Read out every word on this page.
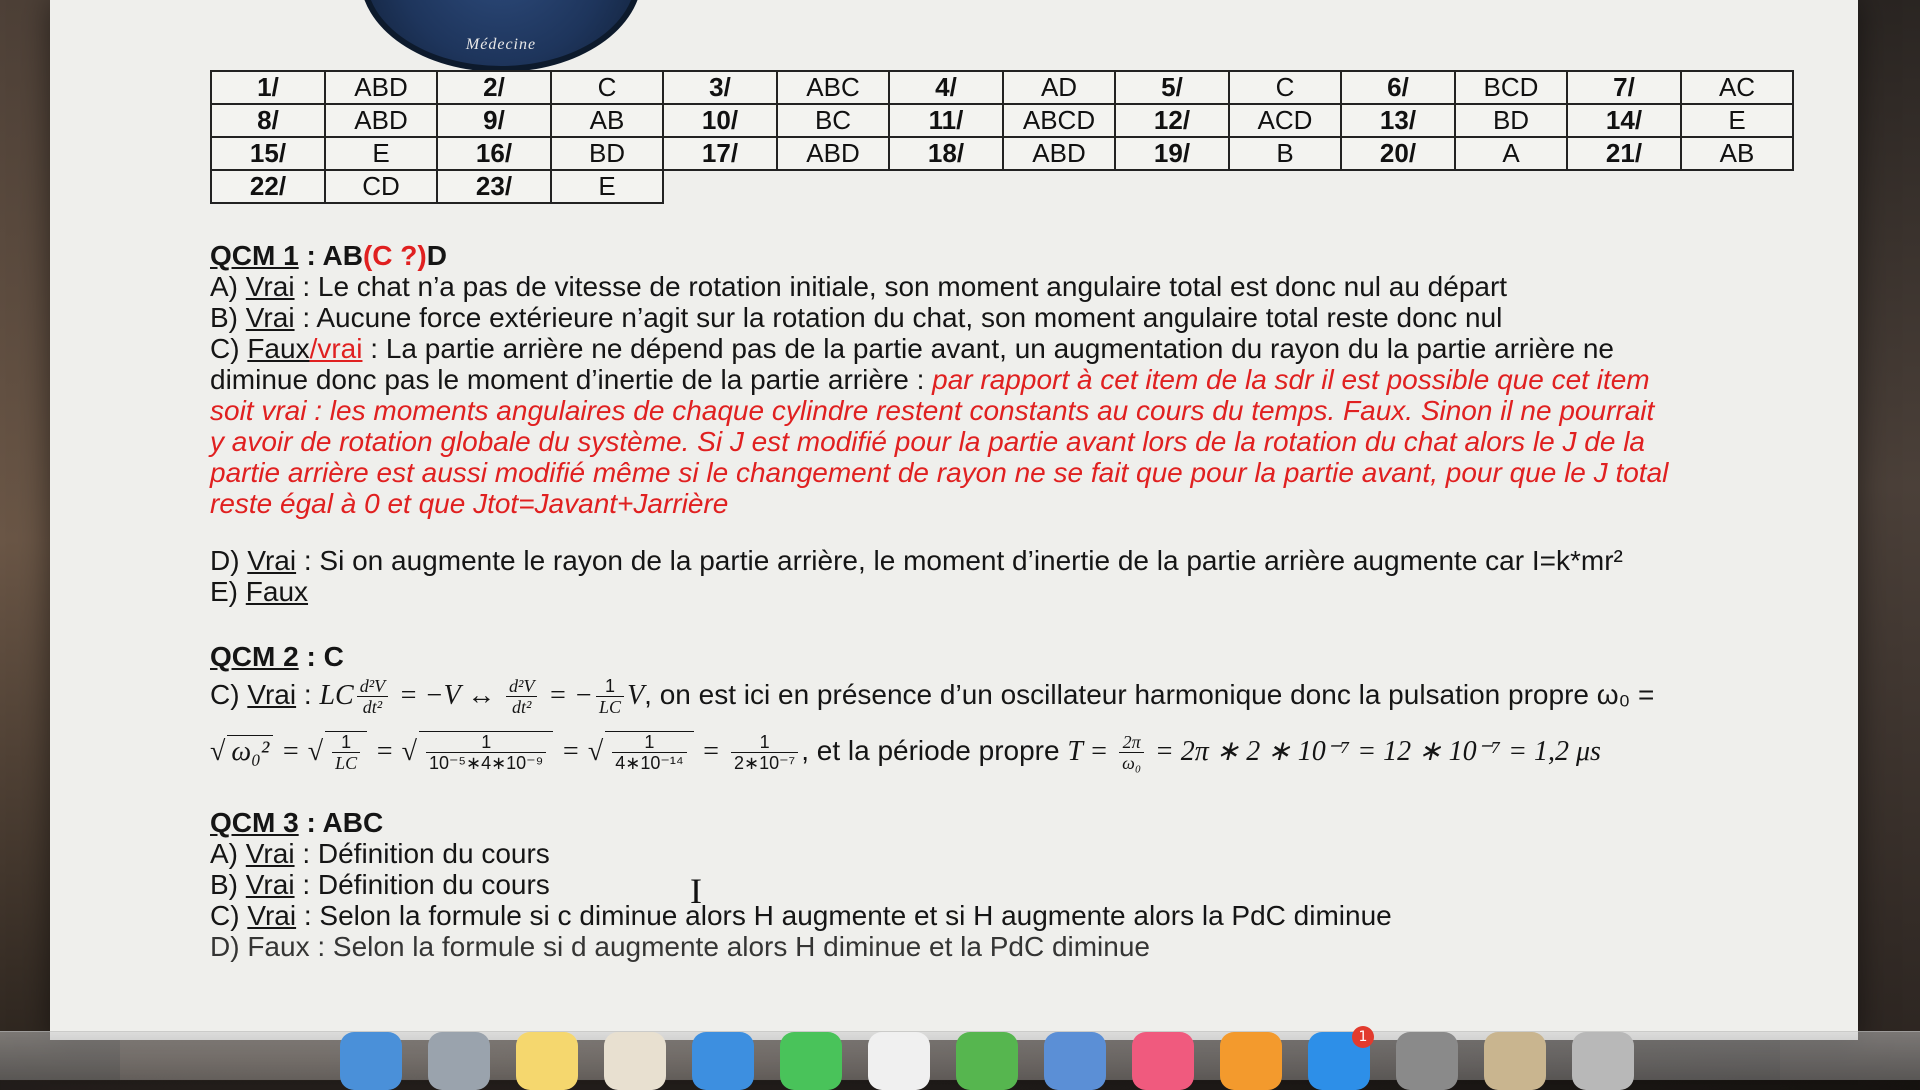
Médecine
1/	ABD	2/	C	3/	ABC	4/	AD	5/	C	6/	BCD	7/	AC
8/	ABD	9/	AB	10/	BC	11/	ABCD	12/	ACD	13/	BD	14/	E
15/	E	16/	BD	17/	ABD	18/	ABD	19/	B	20/	A	21/	AB
22/	CD	23/	E										
QCM 1 : AB(C ?)D
A) Vrai : Le chat n’a pas de vitesse de rotation initiale, son moment angulaire total est donc nul au départ
B) Vrai : Aucune force extérieure n’agit sur la rotation du chat, son moment angulaire total reste donc nul
C) Faux/vrai : La partie arrière ne dépend pas de la partie avant, un augmentation du rayon du la partie arrière ne
diminue donc pas le moment d’inertie de la partie arrière : par rapport à cet item de la sdr il est possible que cet item
soit vrai : les moments angulaires de chaque cylindre restent constants au cours du temps. Faux. Sinon il ne pourrait
y avoir de rotation globale du système. Si J est modifié pour la partie avant lors de la rotation du chat alors le J de la
partie arrière est aussi modifié même si le changement de rayon ne se fait que pour la partie avant, pour que le J total
reste égal à 0 et que Jtot=Javant+Jarrière
D) Vrai : Si on augmente le rayon de la partie arrière, le moment d’inertie de la partie arrière augmente car I=k*mr²
E) Faux
QCM 2 : C
C) Vrai : LC $\frac{\text{d²V}}{\text{dt²}} = -V$ ↔ $\frac{\text{d²V}}{\text{dt²}}$ = − $\frac{1}{LC} V$, on est ici en présence d’un oscillateur harmonique donc la pulsation propre ω₀ =
√ ω₀² = √ $\frac{1}{LC}$ = √ $\frac{1}{\text{10⁻⁵∗4∗10⁻⁹}}$ = √ $\frac{1}{\text{4∗10⁻¹⁴}} = \frac{1}{\text{2∗10⁻⁷}}$ , et la période propre $T = \frac{2\pi}{\text{ω₀}} = 2\pi$ ∗ 2 ∗ 10⁻⁷ = 12 ∗ 10⁻⁷ = 1,2 μs
QCM 3 : ABC
A) Vrai : Définition du cours
B) Vrai : Définition du cours
C) Vrai : Selon la formule si c diminue alors H augmente et si H augmente alors la PdC diminue
D) Faux : Selon la formule si d augmente alors H diminue et la PdC diminue
I
1
